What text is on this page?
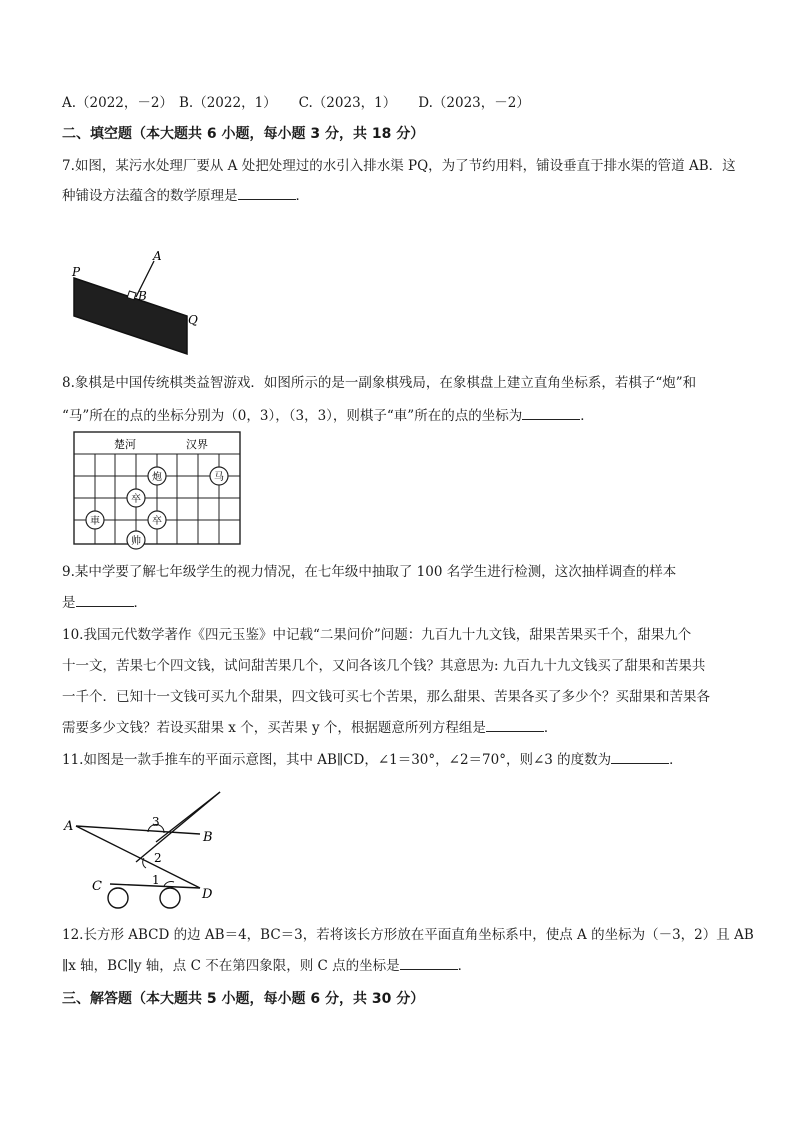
A.（2022，－2） B.（2022，1） C.（2023，1） D.（2023，－2）
二、填空题（本大题共 6 小题，每小题 3 分，共 18 分）
7.如图，某污水处理厂要从 A 处把处理过的水引入排水渠 PQ，为了节约用料，铺设垂直于排水渠的管道 AB．这
种铺设方法蕴含的数学原理是	．
P
A
B
Q
8.象棋是中国传统棋类益智游戏．如图所示的是一副象棋残局，在象棋盘上建立直角坐标系，若棋子“炮”和
“马”所在的点的坐标分别为（0，3），（3，3），则棋子“車”所在的点的坐标为	．
楚河	汉界
炮	马
卒
卒
車
帅
9.某中学要了解七年级学生的视力情况，在七年级中抽取了 100 名学生进行检测，这次抽样调查的样本
是	．
10.我国元代数学著作《四元玉鉴》中记载“二果问价”问题：九百九十九文钱，甜果苦果买千个，甜果九个
十一文，苦果七个四文钱，试问甜苦果几个，又问各该几个钱？其意思为: 九百九十九文钱买了甜果和苦果共
一千个．已知十一文钱可买九个甜果，四文钱可买七个苦果，那么甜果、苦果各买了多少个？买甜果和苦果各
需要多少文钱？若设买甜果 x 个，买苦果 y 个，根据题意所列方程组是	．
11.如图是一款手推车的平面示意图，其中 AB∥CD，∠1＝30°，∠2＝70°，则∠3 的度数为	．
A
B
C
D
3
2
1
12.长方形 ABCD 的边 AB＝4，BC＝3，若将该长方形放在平面直角坐标系中，使点 A 的坐标为（－3，2）且 AB
∥x 轴，BC∥y 轴，点 C 不在第四象限，则 C 点的坐标是	．
三、解答题（本大题共 5 小题，每小题 6 分，共 30 分）
